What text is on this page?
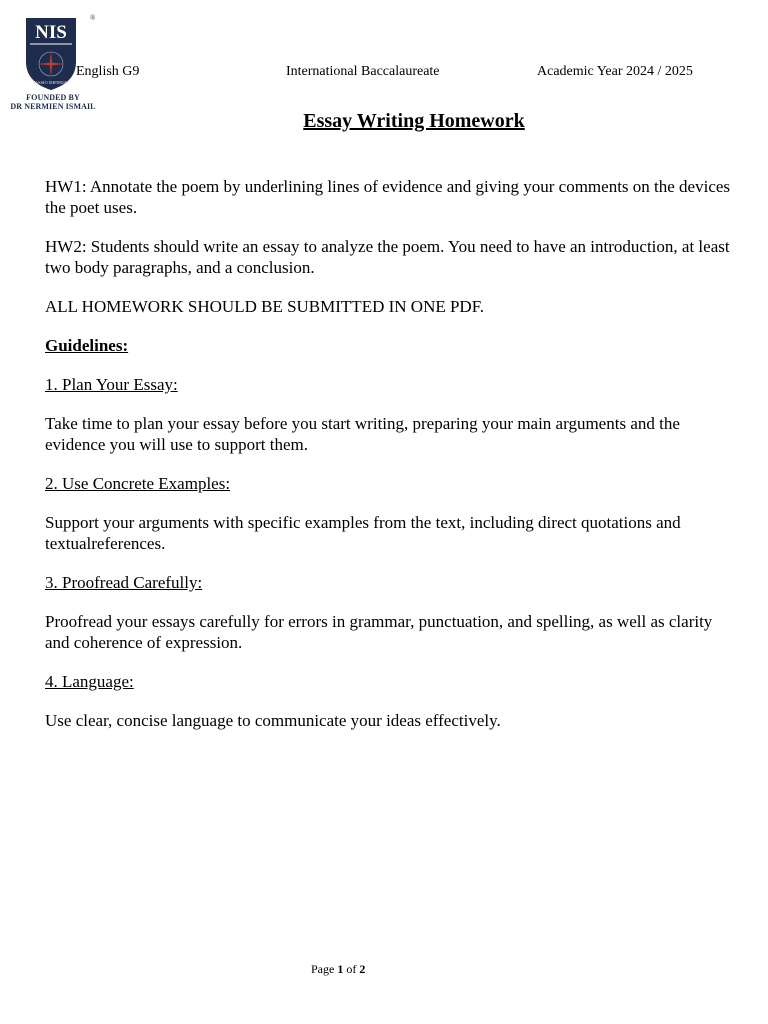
NIS
PASSIO IMPERIAT
®
FOUNDED BY
DR NERMIEN ISMAIL
English G9	International Baccalaureate	Academic Year 2024 / 2025
Essay Writing Homework

HW1: Annotate the poem by underlining lines of evidence and giving your comments on the devices the poet uses.

HW2: Students should write an essay to analyze the poem. You need to have an introduction, at least two body paragraphs, and a conclusion.

ALL HOMEWORK SHOULD BE SUBMITTED IN ONE PDF.

Guidelines:

1. Plan Your Essay:

Take time to plan your essay before you start writing, preparing your main arguments and the evidence you will use to support them.

2. Use Concrete Examples:

Support your arguments with specific examples from the text, including direct quotations and textualreferences.

3. Proofread Carefully:

Proofread your essays carefully for errors in grammar, punctuation, and spelling, as well as clarity and coherence of expression.

4. Language:

Use clear, concise language to communicate your ideas effectively.

Page 1 of 2
